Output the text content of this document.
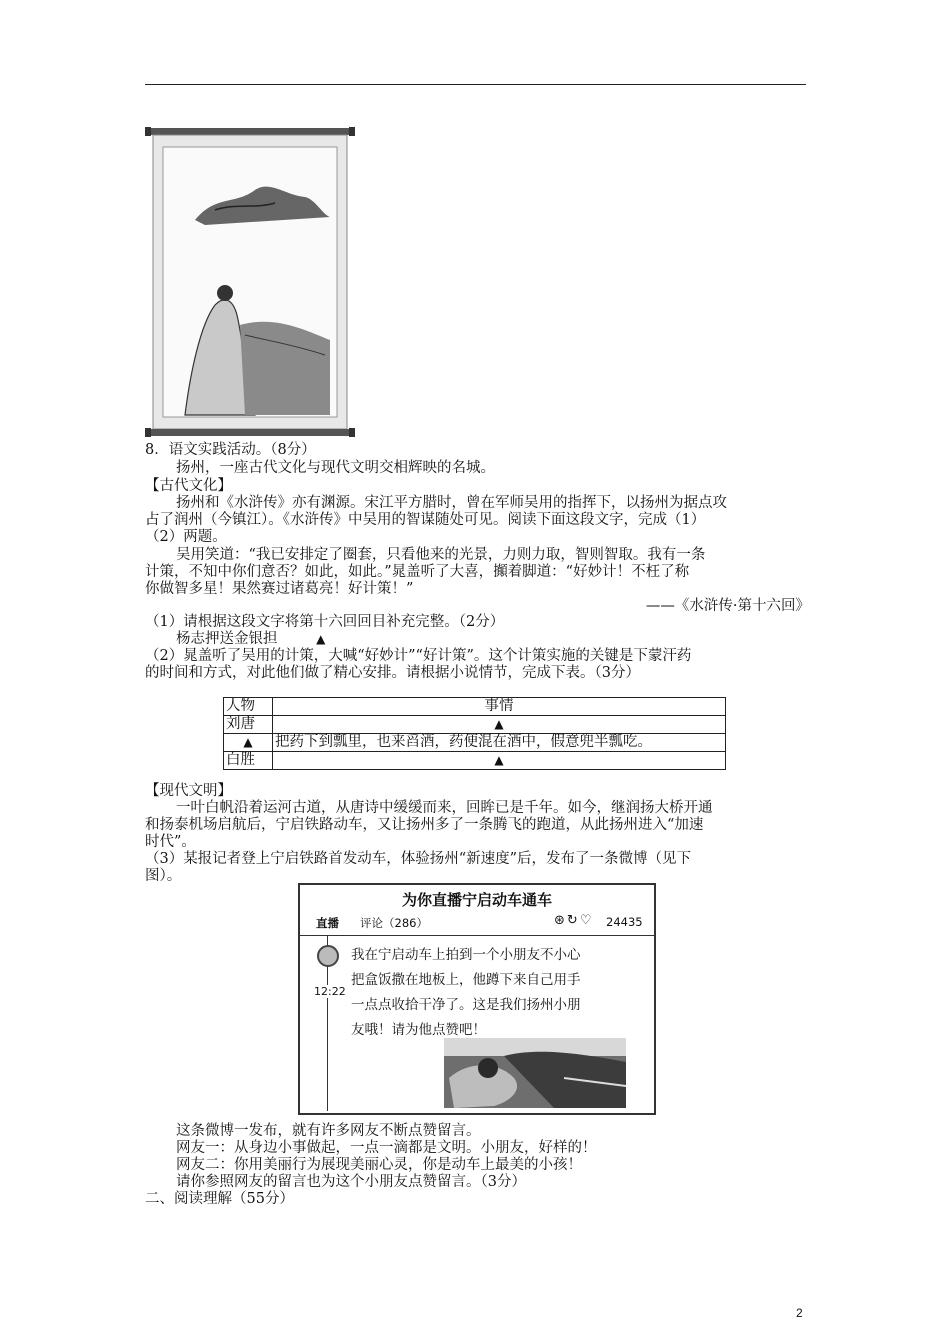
8．语文实践活动。（8分）
扬州，一座古代文化与现代文明交相辉映的名城。
【古代文化】
扬州和《水浒传》亦有渊源。宋江平方腊时，曾在军师吴用的指挥下，以扬州为据点攻
占了润州（今镇江）。《水浒传》中吴用的智谋随处可见。阅读下面这段文字，完成（1）
（2）两题。
吴用笑道：“我已安排定了圈套，只看他来的光景，力则力取，智则智取。我有一条
计策，不知中你们意否？如此，如此。”晁盖听了大喜，攧着脚道：“好妙计！不枉了称
你做智多星！果然赛过诸葛亮！好计策！”
——《水浒传·第十六回》
（1）请根据这段文字将第十六回回目补充完整。（2分）
杨志押送金银担	▲
（2）晁盖听了吴用的计策，大喊“好妙计”“好计策”。这个计策实施的关键是下蒙汗药
的时间和方式，对此他们做了精心安排。请根据小说情节，完成下表。（3分）
人物	事情
刘唐	▲
▲	把药下到瓢里，也来舀酒，药便混在酒中，假意兜半瓢吃。
白胜	▲
【现代文明】
一叶白帆沿着运河古道，从唐诗中缓缓而来，回眸已是千年。如今，继润扬大桥开通
和扬泰机场启航后，宁启铁路动车，又让扬州多了一条腾飞的跑道，从此扬州进入“加速
时代”。
（3）某报记者登上宁启铁路首发动车，体验扬州“新速度”后，发布了一条微博（见下
图）。
为你直播宁启动车通车
直播 评论（286）	⊛↻♡ 24435
12:22
我在宁启动车上拍到一个小朋友不小心把盒饭撒在地板上，他蹲下来自己用手一点点收拾干净了。这是我们扬州小朋友哦！请为他点赞吧！
这条微博一发布，就有许多网友不断点赞留言。
网友一：从身边小事做起，一点一滴都是文明。小朋友，好样的！
网友二：你用美丽行为展现美丽心灵，你是动车上最美的小孩！
请你参照网友的留言也为这个小朋友点赞留言。（3分）
二、阅读理解（55分）
2
